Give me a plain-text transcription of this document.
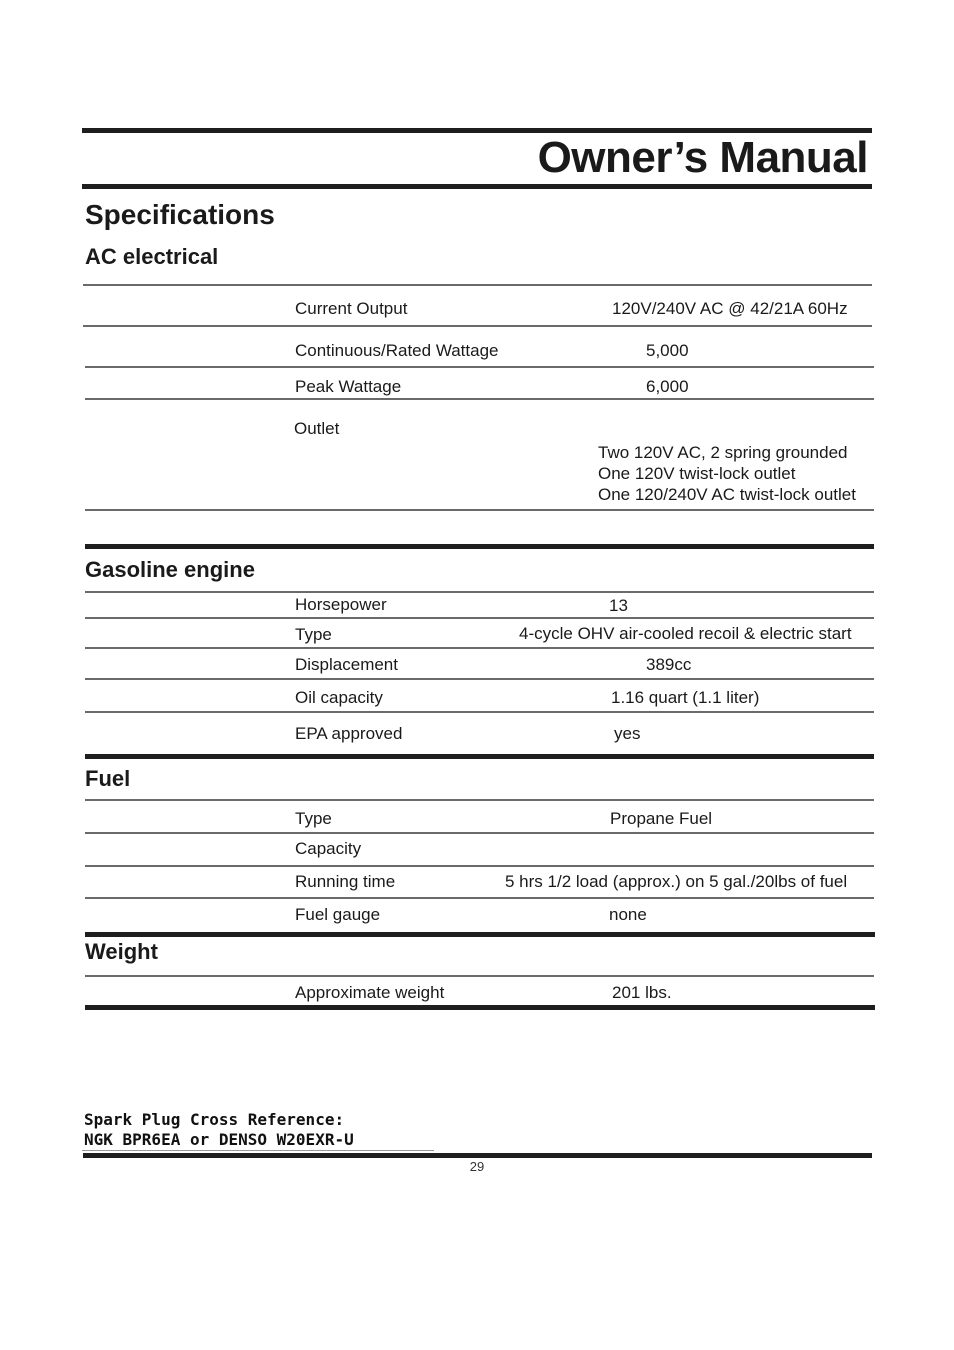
Owner’s Manual
Specifications
AC electrical
Current Output	120V/240V AC @ 42/21A 60Hz
Continuous/Rated Wattage	5,000
Peak Wattage	6,000
Outlet
Two 120V AC, 2 spring grounded
One 120V twist-lock outlet
One 120/240V AC twist-lock outlet
Gasoline engine
Horsepower	13
Type	4-cycle OHV air-cooled recoil & electric start
Displacement	389cc
Oil capacity	1.16 quart (1.1 liter)
EPA approved	yes
Fuel
Type	Propane Fuel
Capacity
Running time	5 hrs 1/2 load (approx.) on 5 gal./20lbs of fuel
Fuel gauge	none
Weight
Approximate weight	201 lbs.
Spark Plug Cross Reference:
NGK BPR6EA or DENSO W20EXR-U
29
